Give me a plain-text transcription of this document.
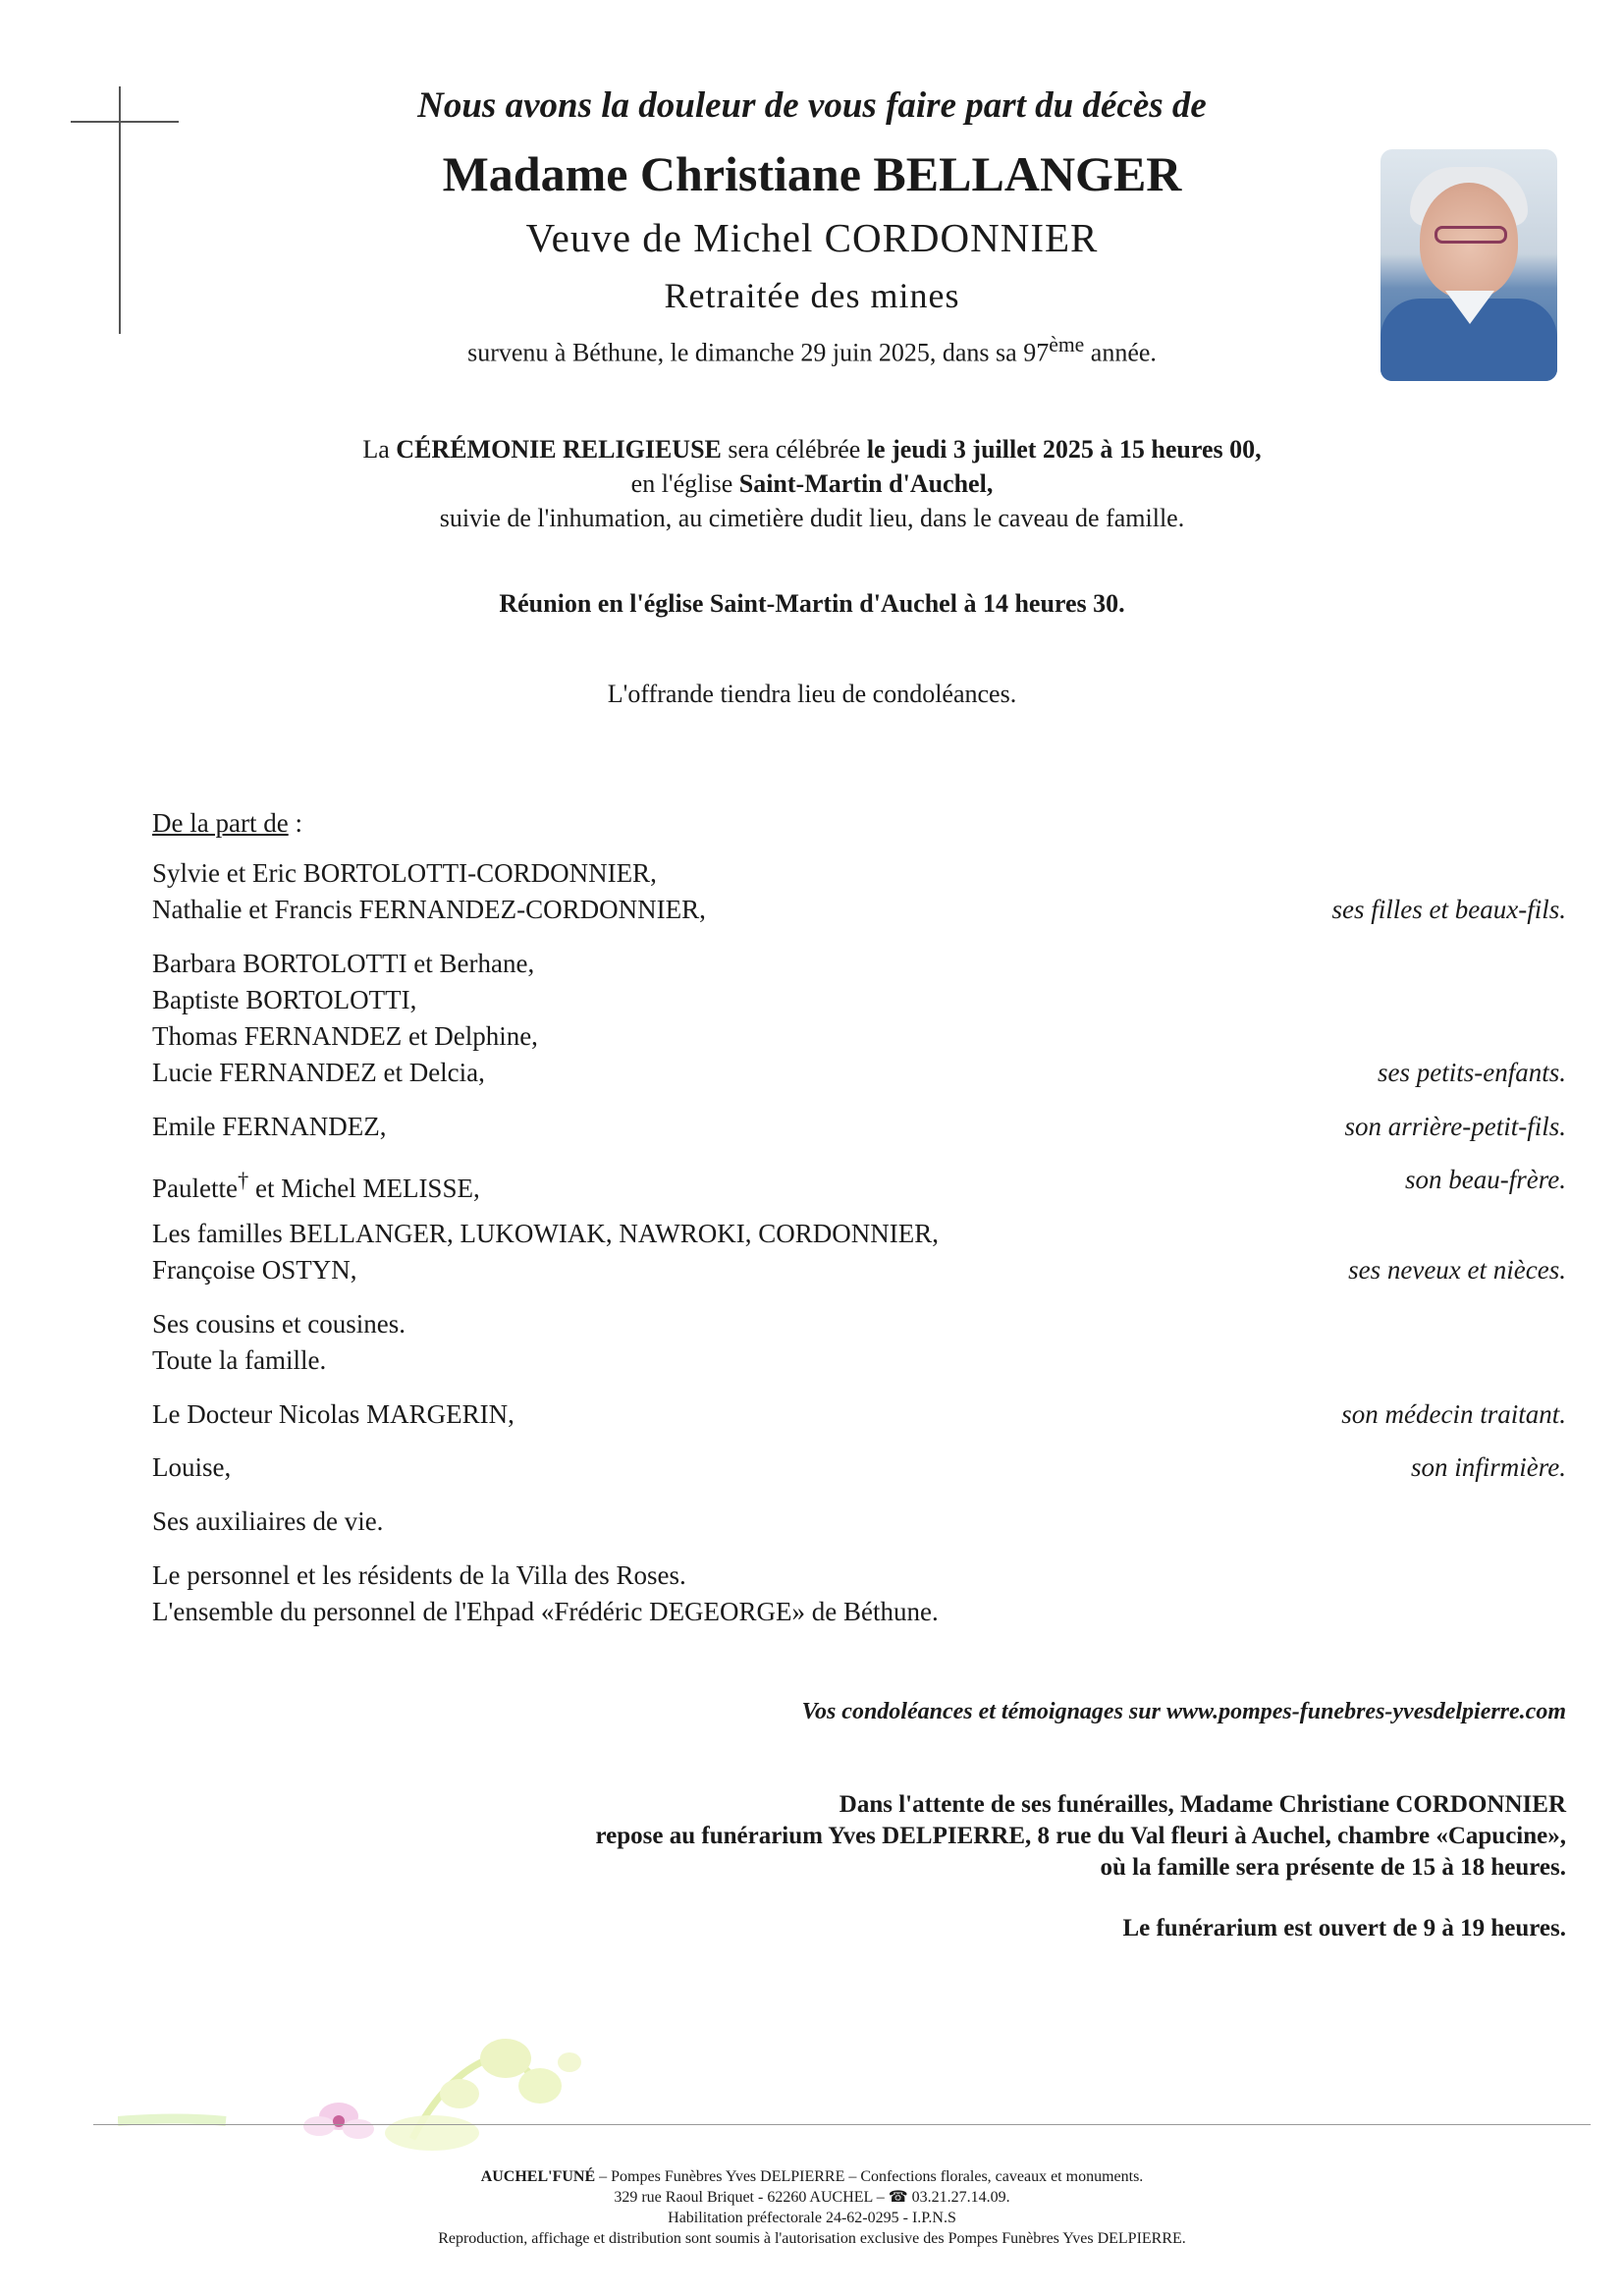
Nous avons la douleur de vous faire part du décès de
Madame Christiane BELLANGER
Veuve de Michel CORDONNIER
Retraitée des mines
survenu à Béthune, le dimanche 29 juin 2025, dans sa 97ème année.
La CÉRÉMONIE RELIGIEUSE sera célébrée le jeudi 3 juillet 2025 à 15 heures 00,
en l'église Saint-Martin d'Auchel,
suivie de l'inhumation, au cimetière dudit lieu, dans le caveau de famille.
Réunion en l'église Saint-Martin d'Auchel à 14 heures 30.
L'offrande tiendra lieu de condoléances.
De la part de :
Sylvie et Eric BORTOLOTTI-CORDONNIER,
Nathalie et Francis FERNANDEZ-CORDONNIER,	ses filles et beaux-fils.
Barbara BORTOLOTTI et Berhane,
Baptiste BORTOLOTTI,
Thomas FERNANDEZ et Delphine,
Lucie FERNANDEZ et Delcia,	ses petits-enfants.
Emile FERNANDEZ,	son arrière-petit-fils.
Paulette† et Michel MELISSE,	son beau-frère.
Les familles BELLANGER, LUKOWIAK, NAWROKI, CORDONNIER,
Françoise OSTYN,	ses neveux et nièces.
Ses cousins et cousines.
Toute la famille.
Le Docteur Nicolas MARGERIN,	son médecin traitant.
Louise,	son infirmière.
Ses auxiliaires de vie.
Le personnel et les résidents de la Villa des Roses.
L'ensemble du personnel de l'Ehpad «Frédéric DEGEORGE» de Béthune.
Vos condoléances et témoignages sur www.pompes-funebres-yvesdelpierre.com
Dans l'attente de ses funérailles, Madame Christiane CORDONNIER
repose au funérarium Yves DELPIERRE, 8 rue du Val fleuri à Auchel, chambre «Capucine»,
où la famille sera présente de 15 à 18 heures.
Le funérarium est ouvert de 9 à 19 heures.
AUCHEL'FUNÉ – Pompes Funèbres Yves DELPIERRE – Confections florales, caveaux et monuments.
329 rue Raoul Briquet - 62260 AUCHEL – ☎ 03.21.27.14.09.
Habilitation préfectorale 24-62-0295 - I.P.N.S
Reproduction, affichage et distribution sont soumis à l'autorisation exclusive des Pompes Funèbres Yves DELPIERRE.
